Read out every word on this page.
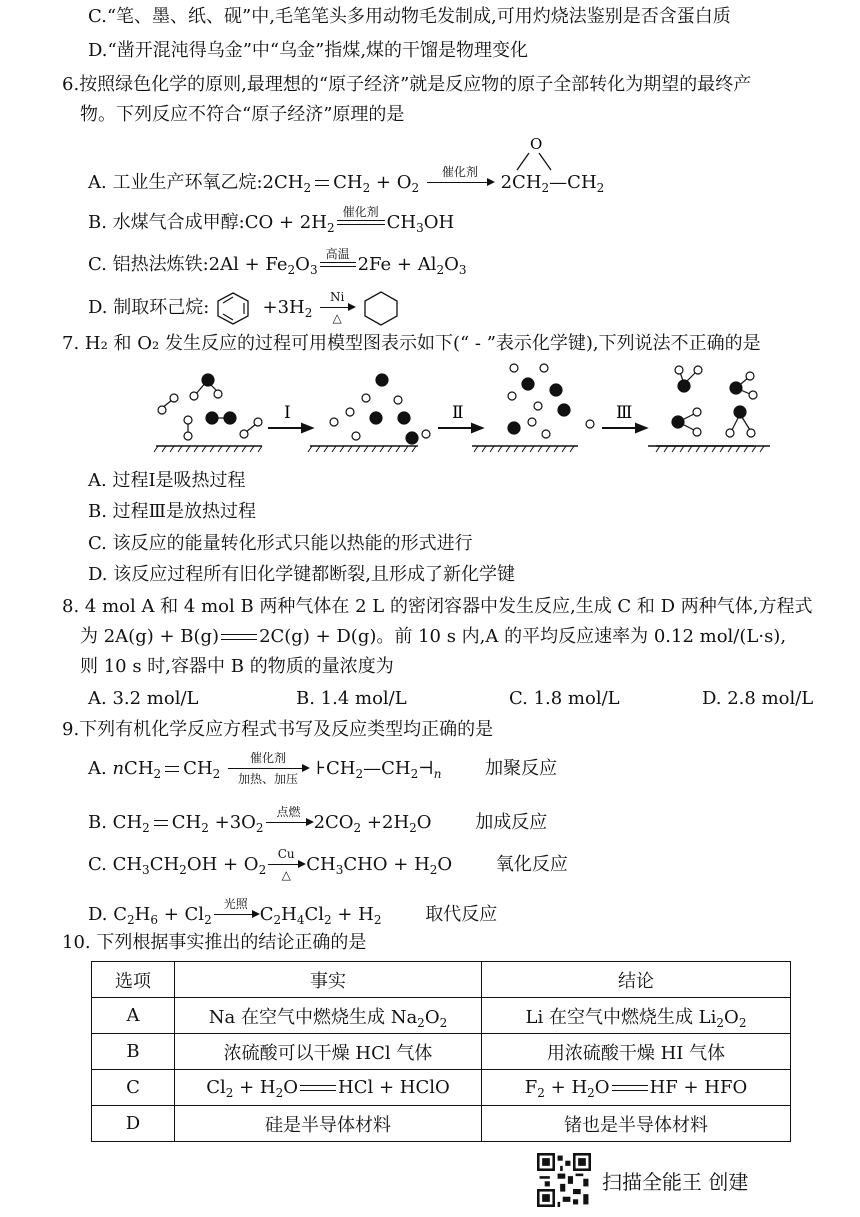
C.“笔、墨、纸、砚”中,毛笔笔头多用动物毛发制成,可用灼烧法鉴别是否含蛋白质
D.“凿开混沌得乌金”中“乌金”指煤,煤的干馏是物理变化
6.按照绿色化学的原则,最理想的“原子经济”就是反应物的原子全部转化为期望的最终产
物。下列反应不符合“原子经济”原理的是
O
A. 工业生产环氧乙烷$:2CH_2$ $CH_2 + O_2$
催化剂 $2CH_2—CH_2$
B. 水煤气合成甲醇:CO + $2H_2$
催化剂 $CH_3OH$
C. 铝热法炼铁:2Al + $Fe_2O_3$
高温 $2Fe + Al_2O_3$
D. 制取环己烷:   $+3H_2$
Ni
△

7. H₂ 和 O₂ 发生反应的过程可用模型图表示如下(“ - ”表示化学键),下列说法不正确的是
Ⅰ	Ⅱ	Ⅲ
A. 过程Ⅰ是吸热过程
B. 过程Ⅲ是放热过程
C. 该反应的能量转化形式只能以热能的形式进行
D. 该反应过程所有旧化学键都断裂,且形成了新化学键
8. 4 mol A 和 4 mol B 两种气体在 2 L 的密闭容器中发生反应,生成 C 和 D 两种气体,方程式
为 2A(g) + B(g) 2C(g) + D(g)。前 10 s 内,A 的平均反应速率为 0.12 mol/(L·s),
则 10 s 时,容器中 B 的物质的量浓度为
A. 3.2 mol/L	B. 1.4 mol/L	C. 1.8 mol/L	D. 2.8 mol/L
9.下列有机化学反应方程式书写及反应类型均正确的是
A. nCH$_2$ $CH_2$
催化剂
加热、加压 $⊦CH_2—CH_2⊣_n$ 加聚反应
B. $CH_2$ $CH_2 +3O_2$
点燃 $2CO_2 +2H_2O$ 加成反应
C. $CH_3CH_2OH + O_2$
Cu
△ $CH_3CHO + H_2O$ 氧化反应
D. $C_2H_6 + Cl_2$
光照 $C_2H_4Cl_2 + H_2$ 取代反应
10. 下列根据事实推出的结论正确的是
选项	事实	结论
A	Na 在空气中燃烧生成 $Na_2O_2$	Li 在空气中燃烧生成 $Li_2O_2$
B	浓硫酸可以干燥 HCl 气体	用浓硫酸干燥 HI 气体
C	$Cl_2 + H_2O$ HCl + HClO	$F_2 + H_2O$ HF + HFO
D	硅是半导体材料	锗也是半导体材料
扫描全能王 创建
